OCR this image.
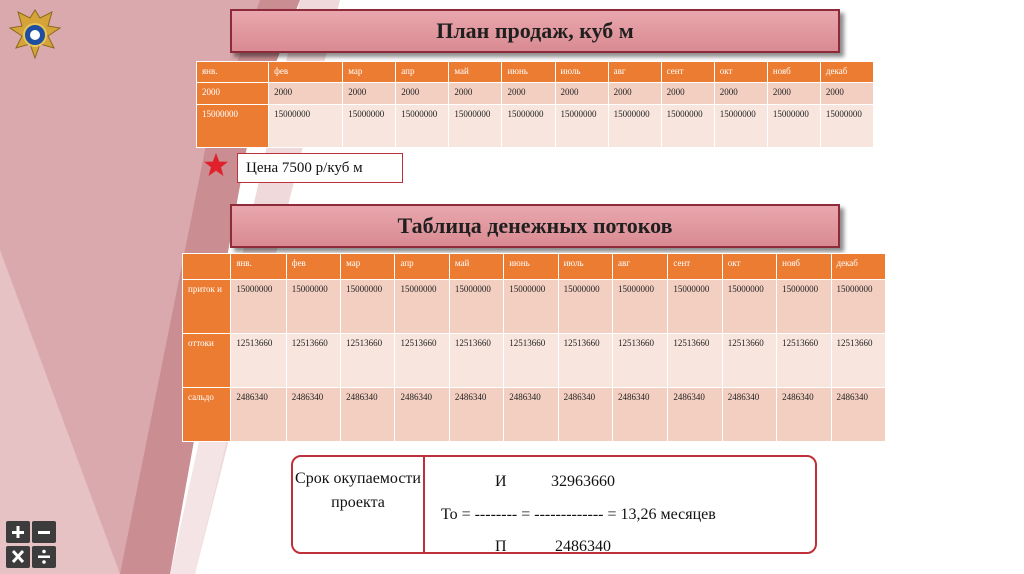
План продаж, куб м
янв.	фев	мар	апр	май	июнь	июль	авг	сент	окт	нояб	декаб
2000	2000	2000	2000	2000	2000	2000	2000	2000	2000	2000	2000
15000000	15000000	15000000	15000000	15000000	15000000	15000000	15000000	15000000	15000000	15000000	15000000
Цена 7500 р/куб м
Таблица денежных потоков
	янв.	фев	мар	апр	май	июнь	июль	авг	сент	окт	нояб	декаб
приток и	15000000	15000000	15000000	15000000	15000000	15000000	15000000	15000000	15000000	15000000	15000000	15000000
оттоки	12513660	12513660	12513660	12513660	12513660	12513660	12513660	12513660	12513660	12513660	12513660	12513660
сальдо	2486340	2486340	2486340	2486340	2486340	2486340	2486340	2486340	2486340	2486340	2486340	2486340
Срок окупаемости проекта
И	32963660
То = -------- = ------------- = 13,26 месяцев
П	2486340
